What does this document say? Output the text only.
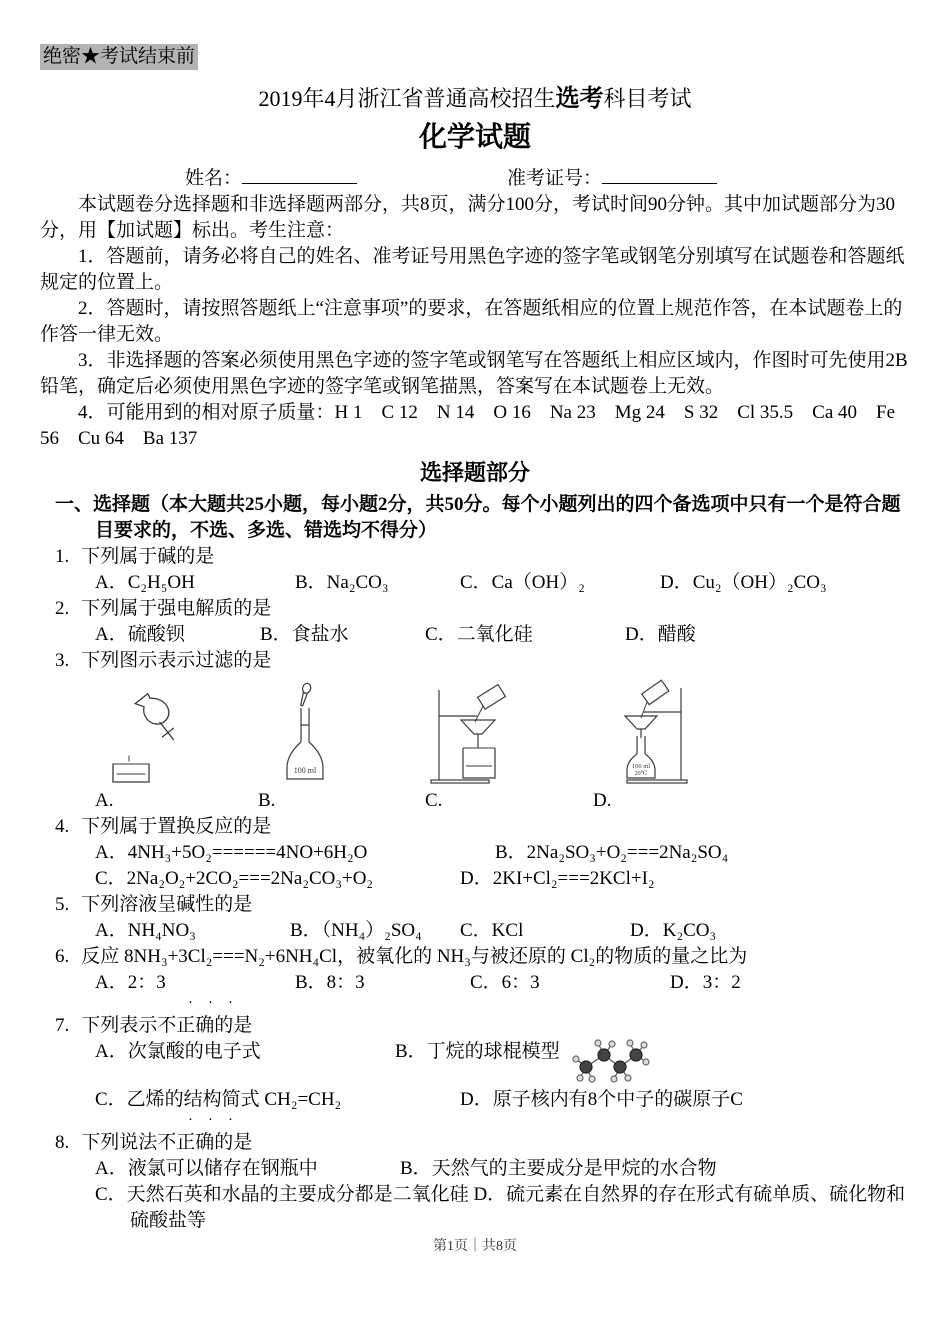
绝密★考试结束前
2019年4月浙江省普通高校招生选考科目考试
化学试题
姓名：	准考证号：

本试题卷分选择题和非选择题两部分，共8页，满分100分，考试时间90分钟。其中加试题部分为30分，用【加试题】标出。考生注意：

1．答题前，请务必将自己的姓名、准考证号用黑色字迹的签字笔或钢笔分别填写在试题卷和答题纸规定的位置上。

2．答题时，请按照答题纸上“注意事项”的要求，在答题纸相应的位置上规范作答，在本试题卷上的作答一律无效。

3．非选择题的答案必须使用黑色字迹的签字笔或钢笔写在答题纸上相应区域内，作图时可先使用2B铅笔，确定后必须使用黑色字迹的签字笔或钢笔描黑，答案写在本试题卷上无效。

4．可能用到的相对原子质量：H 1　C 12　N 14　O 16　Na 23　Mg 24　S 32　Cl 35.5　Ca 40　Fe 56　Cu 64　Ba 137

选择题部分
一、选择题（本大题共25小题，每小题2分，共50分。每个小题列出的四个备选项中只有一个是符合题目要求的，不选、多选、错选均不得分）
1. 下列属于碱的是
A．C₂H₅OH	B．Na₂CO₃	C．Ca（OH）₂	D．Cu₂（OH）₂CO₃
2. 下列属于强电解质的是
A．硫酸钡	B．食盐水	C．二氧化硅	D．醋酸
3. 下列图示表示过滤的是
A.
100 ml
B.	C.
100 ml
20℃
D.
4. 下列属于置换反应的是
A．4NH₃+5O₂======4NO+6H₂O	B．2Na₂SO₃+O₂===2Na₂SO₄
C．2Na₂O₂+2CO₂===2Na₂CO₃+O₂	D．2KI+Cl₂===2KCl+I₂
5. 下列溶液呈碱性的是
A．NH₄NO₃	B．（NH₄）₂SO₄	C．KCl	D．K₂CO₃
6. 反应 8NH₃+3Cl₂===N₂+6NH₄Cl，被氧化的 NH₃与被还原的 Cl₂的物质的量之比为
A．2：3	B．8：3	C．6：3	D．3：2
·　·　·
7. 下列表示不正确的是
A．次氯酸的电子式	B．丁烷的球棍模型
C．乙烯的结构简式 CH₂=CH₂	D．原子核内有8个中子的碳原子C
·　·　·
8. 下列说法不正确的是
A．液氯可以储存在钢瓶中	B．天然气的主要成分是甲烷的水合物
C．天然石英和水晶的主要成分都是二氧化硅 D．硫元素在自然界的存在形式有硫单质、硫化物和硫酸盐等
第1页｜共8页
